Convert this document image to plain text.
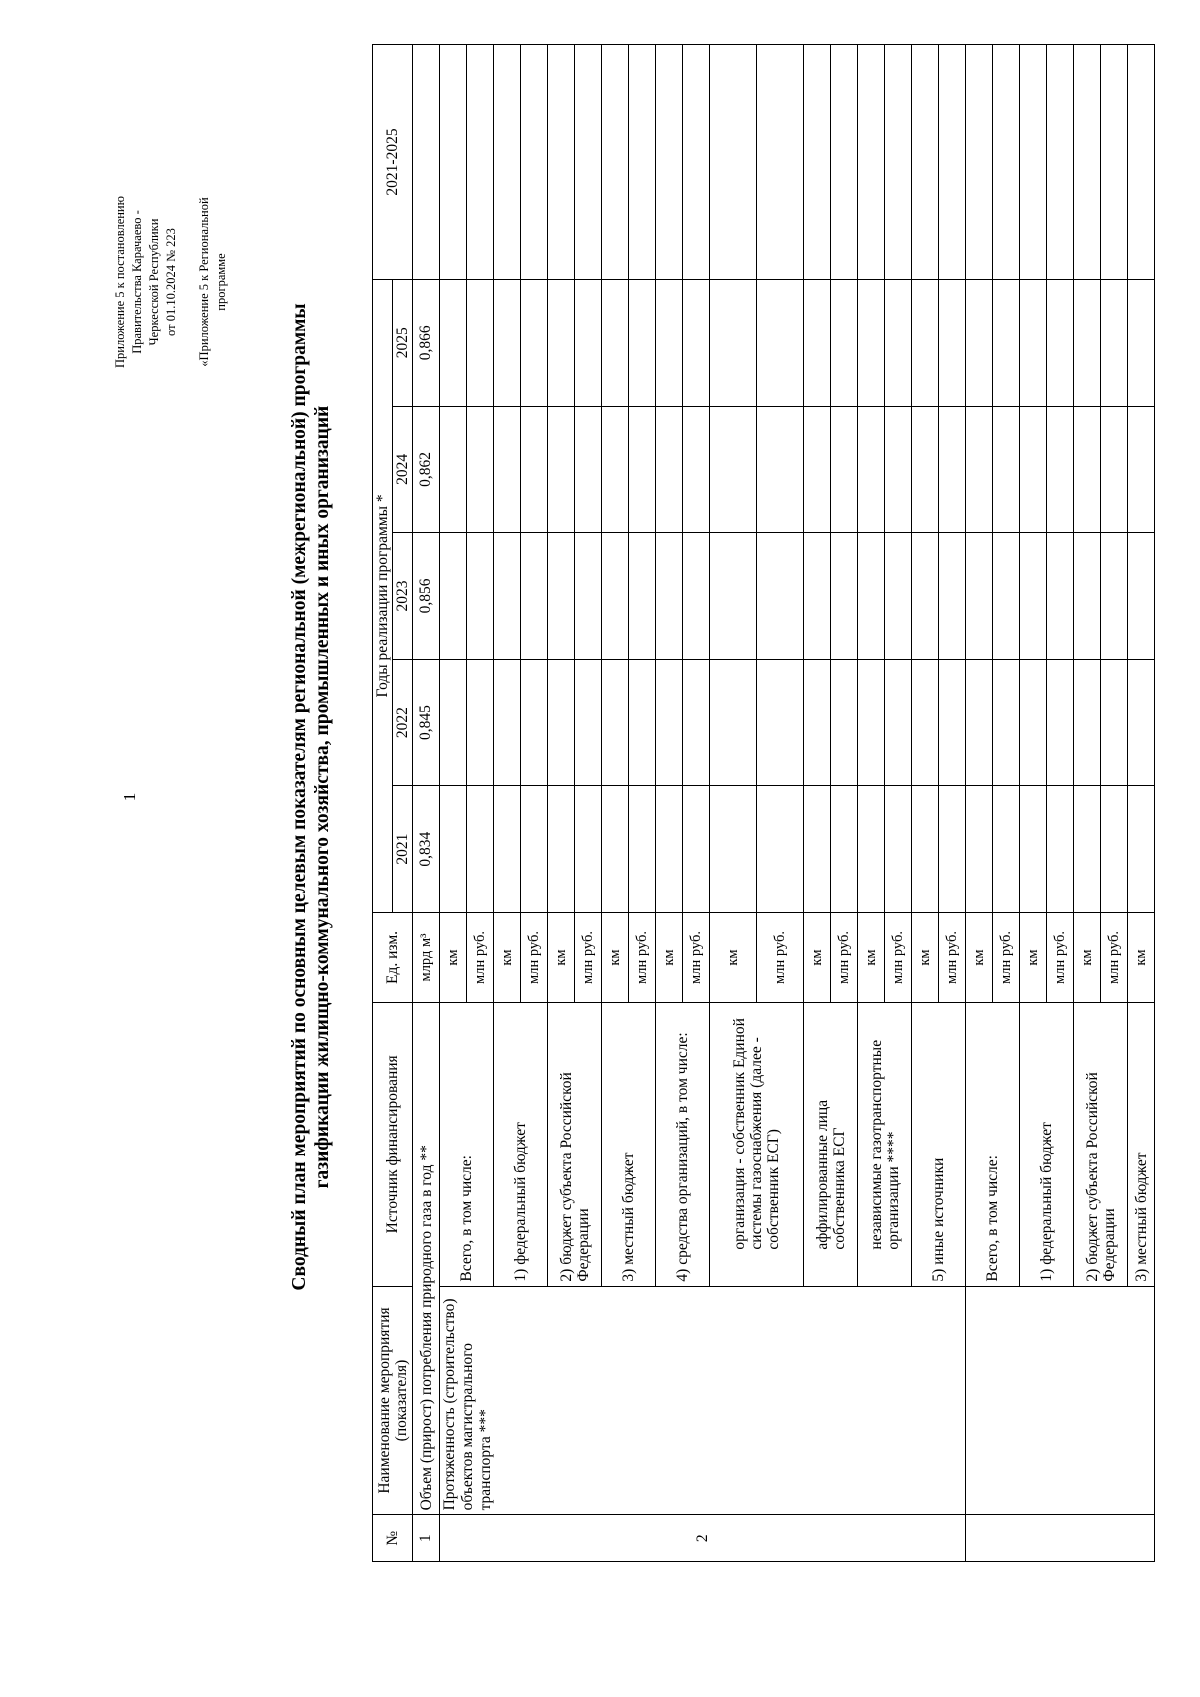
1
Приложение 5 к постановлению Правительства Карачаево - Черкесской Республики от 01.10.2024 № 223 «Приложение 5 к Региональной программе
Сводный план мероприятий по основным целевым показателям региональной (межрегиональной) программы газификации жилищно-коммунального хозяйства, промышленных и иных организаций
№	Наименование мероприятия (показателя)	Источник финансирования	Ед. изм.	Годы реализации программы *					2021-2025
				2021	2022	2023	2024	2025	
1	Объем (прирост) потребления природного газа в год **		млрд м³	0,834	0,845	0,856	0,862	0,866	
2	Протяженность (строительство) объектов магистрального транспорта ***	Всего, в том числе:	км						
			млн руб.						
		1) федеральный бюджет	км						
			млн руб.						
		2) бюджет субъекта Российской Федерации	км						
			млн руб.						
		3) местный бюджет	км						
			млн руб.						
		4) средства организаций, в том числе:	км						
			млн руб.						
		организация - собственник Единой системы газоснабжения (далее - собственник ЕСГ)	км						
			млн руб.						
		аффилированные лица собственника ЕСГ	км						
			млн руб.						
		независимые газотранспортные организации ****	км						
			млн руб.						
		5) иные источники	км						
			млн руб.						
		Всего, в том числе:	км						
			млн руб.						
		1) федеральный бюджет	км						
			млн руб.						
		2) бюджет субъекта Российской Федерации	км						
			млн руб.						
		3) местный бюджет	км						
